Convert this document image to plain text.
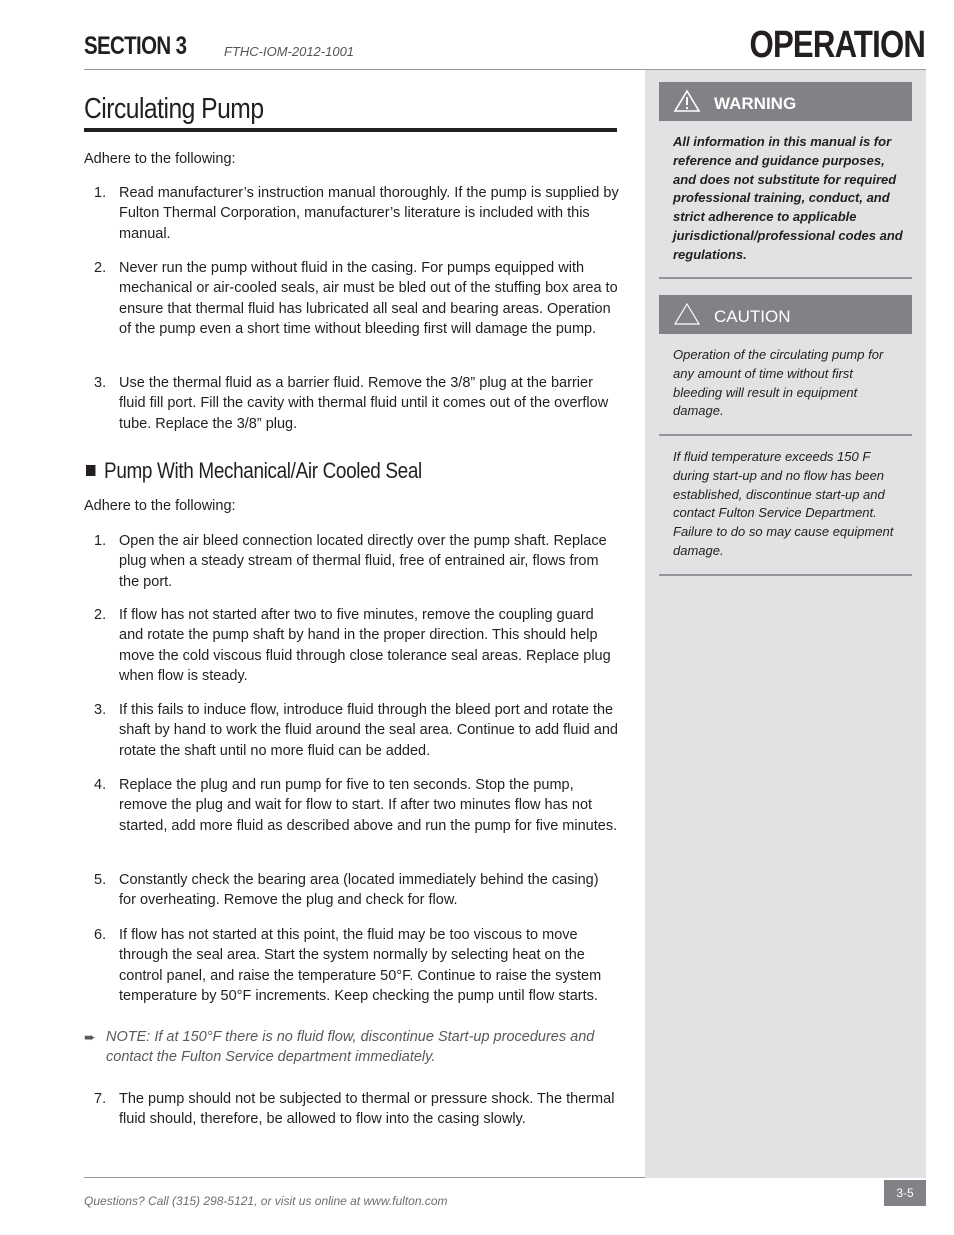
SECTION 3	FTHC-IOM-2012-1001	OPERATION
Circulating Pump
Adhere to the following:
1. Read manufacturer’s instruction manual thoroughly. If the pump is supplied by Fulton Thermal Corporation, manufacturer’s literature is included with this manual.
2. Never run the pump without fluid in the casing. For pumps equipped with mechanical or air-cooled seals, air must be bled out of the stuffing box area to ensure that thermal fluid has lubricated all seal and bearing areas. Operation of the pump even a short time without bleeding first will damage the pump.
3. Use the thermal fluid as a barrier fluid. Remove the 3/8” plug at the barrier fluid fill port. Fill the cavity with thermal fluid until it comes out of the overflow tube. Replace the 3/8” plug.
Pump With Mechanical/Air Cooled Seal
Adhere to the following:
1. Open the air bleed connection located directly over the pump shaft. Replace plug when a steady stream of thermal fluid, free of entrained air, flows from the port.
2. If flow has not started after two to five minutes, remove the coupling guard and rotate the pump shaft by hand in the proper direction. This should help move the cold viscous fluid through close tolerance seal areas. Replace plug when flow is steady.
3. If this fails to induce flow, introduce fluid through the bleed port and rotate the shaft by hand to work the fluid around the seal area. Continue to add fluid and rotate the shaft until no more fluid can be added.
4. Replace the plug and run pump for five to ten seconds. Stop the pump, remove the plug and wait for flow to start. If after two minutes flow has not started, add more fluid as described above and run the pump for five minutes.
5. Constantly check the bearing area (located immediately behind the casing) for overheating. Remove the plug and check for flow.
6. If flow has not started at this point, the fluid may be too viscous to move through the seal area. Start the system normally by selecting heat on the control panel, and raise the temperature 50°F. Continue to raise the system temperature by 50°F increments. Keep checking the pump until flow starts.
➨ NOTE: If at 150°F there is no fluid flow, discontinue Start-up procedures and contact the Fulton Service department immediately.
7. The pump should not be subjected to thermal or pressure shock. The thermal fluid should, therefore, be allowed to flow into the casing slowly.
WARNING
All information in this manual is for reference and guidance purposes, and does not substitute for required professional training, conduct, and strict adherence to applicable jurisdictional/professional codes and regulations.
CAUTION
Operation of the circulating pump for any amount of time without first bleeding will result in equipment damage.
If fluid temperature exceeds 150 F during start-up and no flow has been established, discontinue start-up and contact Fulton Service Department. Failure to do so may cause equipment damage.
Questions? Call (315) 298-5121, or visit us online at www.fulton.com
3-5
